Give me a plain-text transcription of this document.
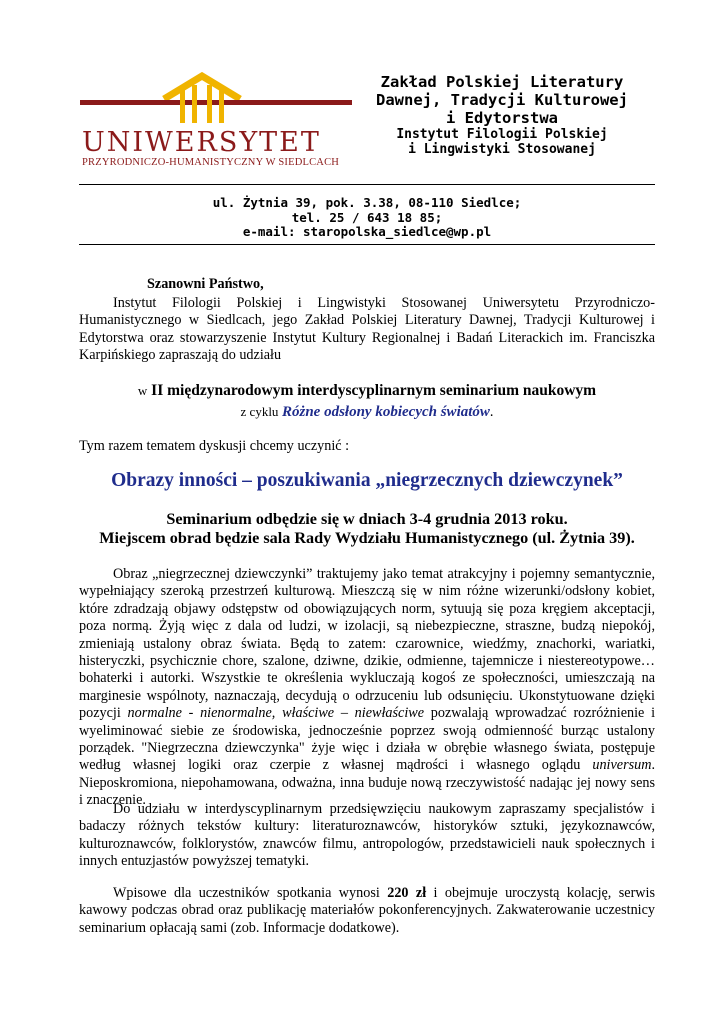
UNIWERSYTET
PRZYRODNICZO-HUMANISTYCZNY W SIEDLCACH
Zakład Polskiej Literatury
Dawnej, Tradycji Kulturowej
i Edytorstwa
Instytut Filologii Polskiej
i Lingwistyki Stosowanej
ul. Żytnia 39, pok. 3.38, 08-110 Siedlce;
tel. 25 / 643 18 85;
e-mail: staropolska_siedlce@wp.pl
Szanowni Państwo,

Instytut Filologii Polskiej i Lingwistyki Stosowanej Uniwersytetu Przyrodniczo-Humanistycznego w Siedlcach, jego Zakład Polskiej Literatury Dawnej, Tradycji Kulturowej i Edytorstwa oraz stowarzyszenie Instytut Kultury Regionalnej i Badań Literackich im. Franciszka Karpińskiego zapraszają do udziału

w II międzynarodowym interdyscyplinarnym seminarium naukowym
z cyklu Różne odsłony kobiecych światów.
Tym razem tematem dyskusji chcemy uczynić :
Obrazy inności – poszukiwania „niegrzecznych dziewczynek”
Seminarium odbędzie się w dniach 3-4 grudnia 2013 roku.
Miejscem obrad będzie sala Rady Wydziału Humanistycznego (ul. Żytnia 39).

Obraz „niegrzecznej dziewczynki” traktujemy jako temat atrakcyjny i pojemny semantycznie, wypełniający szeroką przestrzeń kulturową. Mieszczą się w nim różne wizerunki/odsłony kobiet, które zdradzają objawy odstępstw od obowiązujących norm, sytuują się poza kręgiem akceptacji, poza normą. Żyją więc z dala od ludzi, w izolacji, są niebezpieczne, straszne, budzą niepokój, zmieniają ustalony obraz świata. Będą to zatem: czarownice, wiedźmy, znachorki, wariatki, histeryczki, psychicznie chore, szalone, dziwne, dzikie, odmienne, tajemnicze i niestereotypowe… bohaterki i autorki. Wszystkie te określenia wykluczają kogoś ze społeczności, umieszczają na marginesie wspólnoty, naznaczają, decydują o odrzuceniu lub odsunięciu. Ukonstytuowane dzięki pozycji normalne - nienormalne, właściwe – niewłaściwe pozwalają wprowadzać rozróżnienie i wyeliminować siebie ze środowiska, jednocześnie poprzez swoją odmienność burząc ustalony porządek. "Niegrzeczna dziewczynka" żyje więc i działa w obrębie własnego świata, postępuje według własnej logiki oraz czerpie z własnej mądrości i własnego oglądu universum. Nieposkromiona, niepohamowana, odważna, inna buduje nową rzeczywistość nadając jej nowy sens i znaczenie.

Do udziału w interdyscyplinarnym przedsięwzięciu naukowym zapraszamy specjalistów i badaczy różnych tekstów kultury: literaturoznawców, historyków sztuki, językoznawców, kulturoznawców, folklorystów, znawców filmu, antropologów, przedstawicieli nauk społecznych i innych entuzjastów powyższej tematyki.

Wpisowe dla uczestników spotkania wynosi 220 zł i obejmuje uroczystą kolację, serwis kawowy podczas obrad oraz publikację materiałów pokonferencyjnych. Zakwaterowanie uczestnicy seminarium opłacają sami (zob. Informacje dodatkowe).
